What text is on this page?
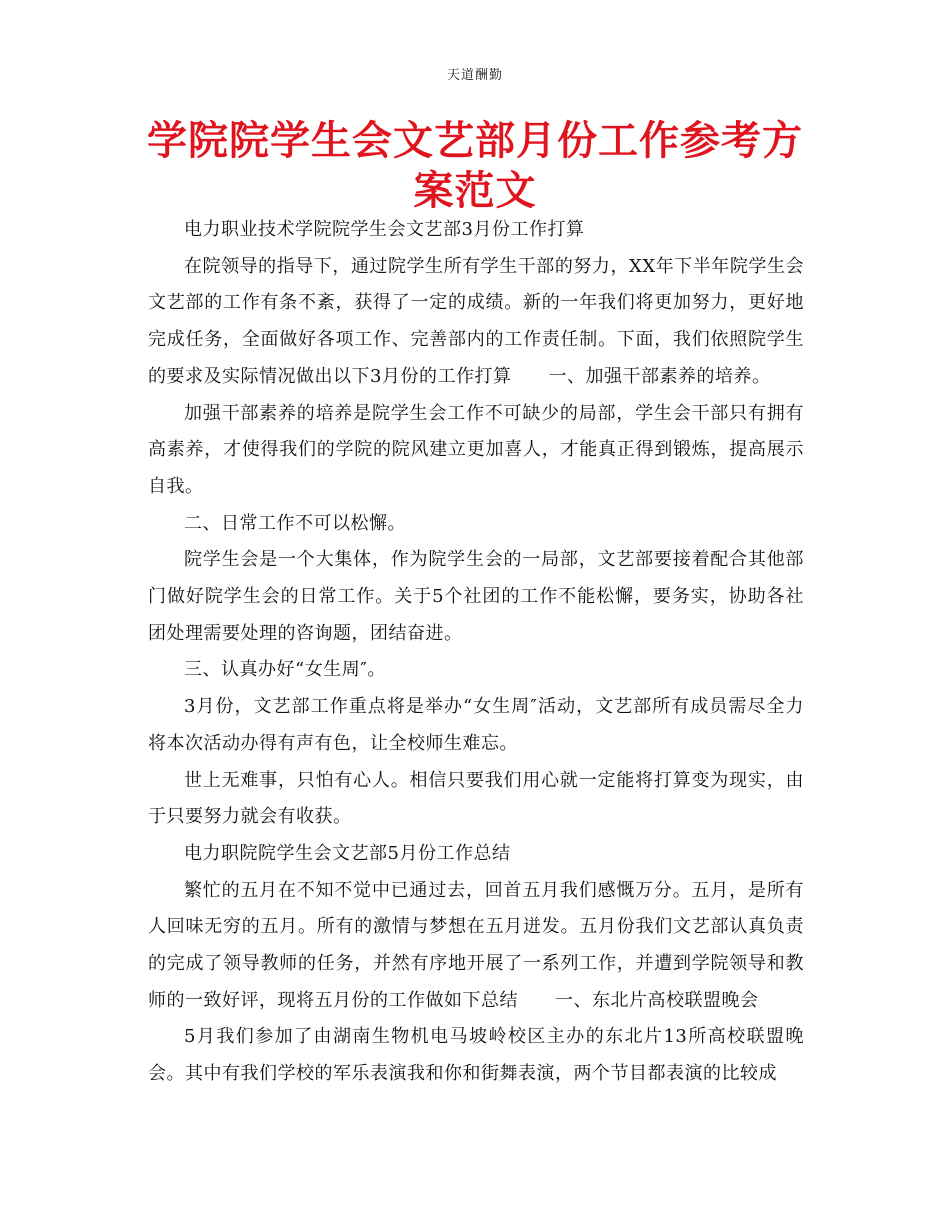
天道酬勤
学院院学生会文艺部月份工作参考方案范文

电力职业技术学院院学生会文艺部3月份工作打算

在院领导的指导下，通过院学生所有学生干部的努力，XX年下半年院学生会文艺部的工作有条不紊，获得了一定的成绩。新的一年我们将更加努力，更好地完成任务，全面做好各项工作、完善部内的工作责任制。下面，我们依照院学生的要求及实际情况做出以下3月份的工作打算　　一、加强干部素养的培养。

加强干部素养的培养是院学生会工作不可缺少的局部，学生会干部只有拥有高素养，才使得我们的学院的院风建立更加喜人，才能真正得到锻炼，提高展示自我。

二、日常工作不可以松懈。

院学生会是一个大集体，作为院学生会的一局部，文艺部要接着配合其他部门做好院学生会的日常工作。关于5个社团的工作不能松懈，要务实，协助各社团处理需要处理的咨询题，团结奋进。

三、认真办好“女生周″。

3月份，文艺部工作重点将是举办“女生周″活动，文艺部所有成员需尽全力将本次活动办得有声有色，让全校师生难忘。

世上无难事，只怕有心人。相信只要我们用心就一定能将打算变为现实，由于只要努力就会有收获。

电力职院院学生会文艺部5月份工作总结

繁忙的五月在不知不觉中已通过去，回首五月我们感慨万分。五月，是所有人回味无穷的五月。所有的激情与梦想在五月迸发。五月份我们文艺部认真负责的完成了领导教师的任务，并然有序地开展了一系列工作，并遭到学院领导和教师的一致好评，现将五月份的工作做如下总结　　一、东北片高校联盟晚会

5月我们参加了由湖南生物机电马坡岭校区主办的东北片13所高校联盟晚会。其中有我们学校的军乐表演我和你和街舞表演，两个节目都表演的比较成
